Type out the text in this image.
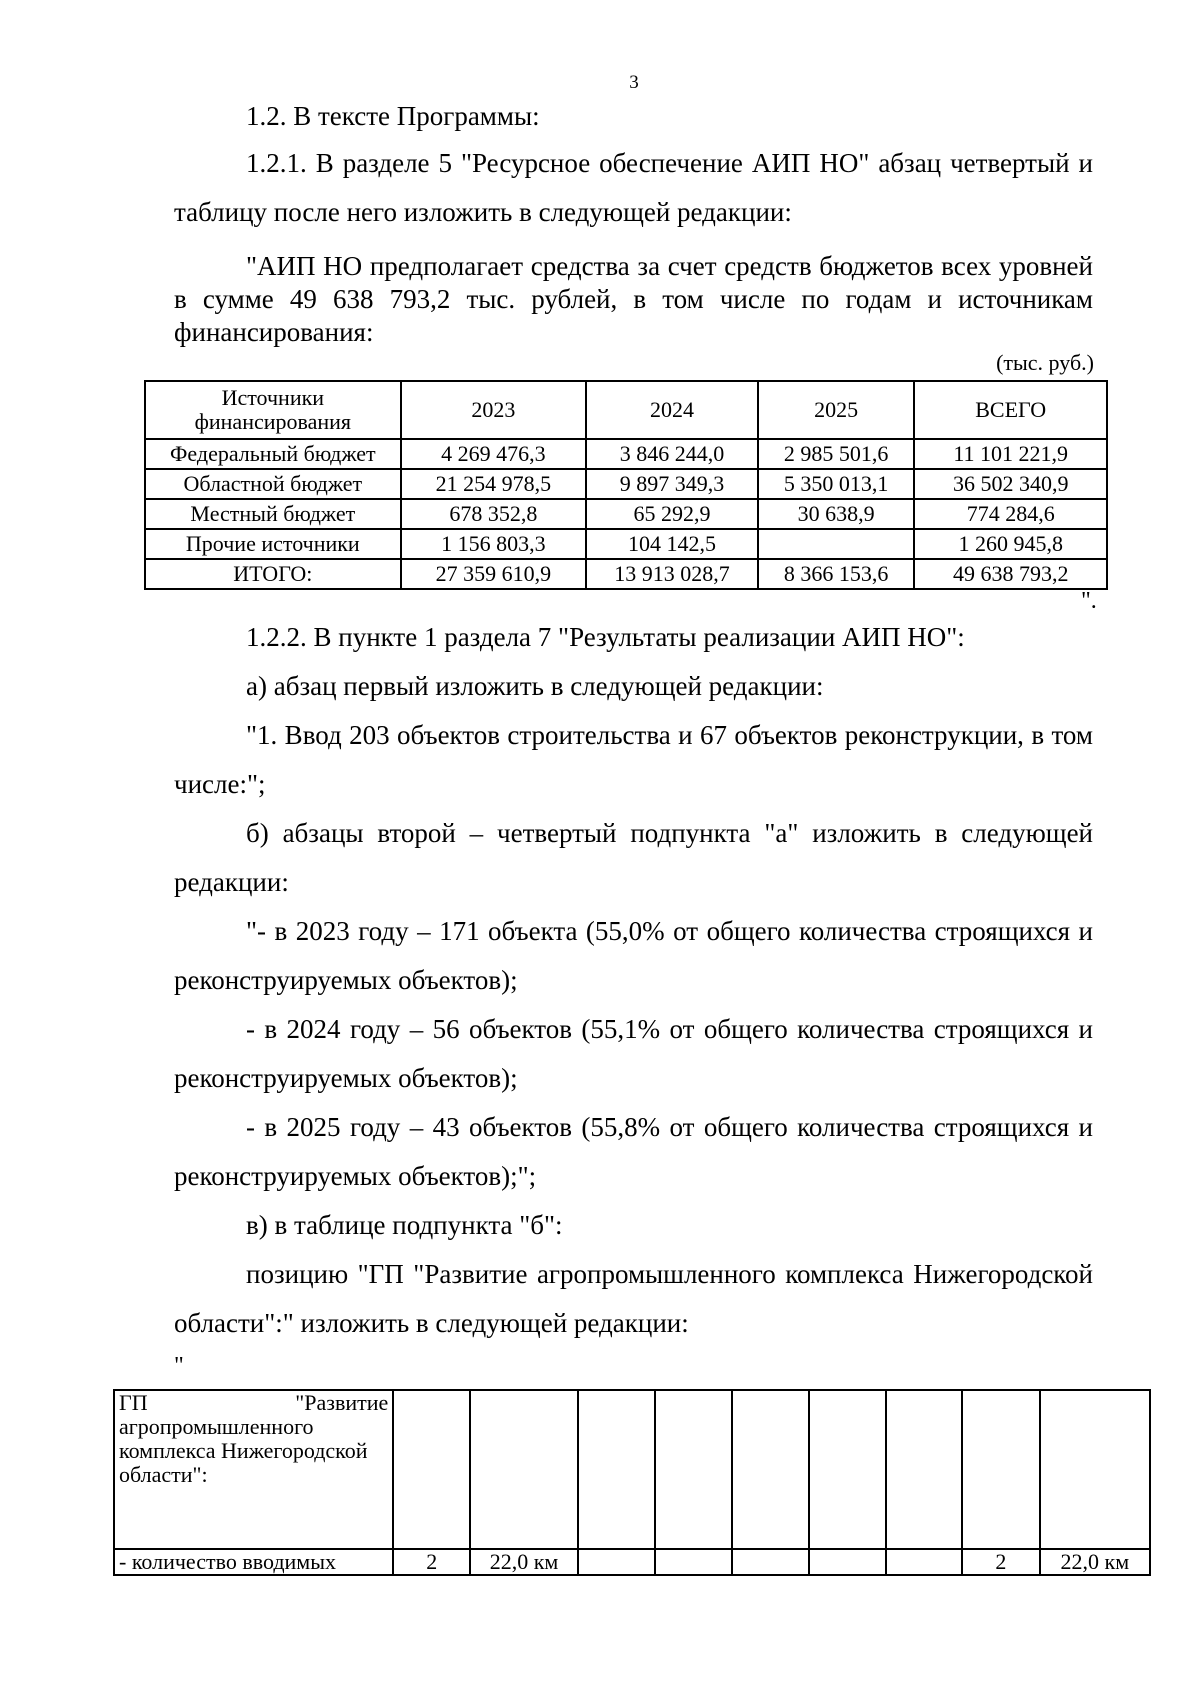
3

1.2. В тексте Программы:

1.2.1. В разделе 5 "Ресурсное обеспечение АИП НО" абзац четвертый и таблицу после него изложить в следующей редакции:

"АИП НО предполагает средства за счет средств бюджетов всех уровней в сумме 49 638 793,2 тыс. рублей, в том числе по годам и источникам финансирования:

(тыс. руб.)
Источники финансирования	2023	2024	2025	ВСЕГО
Федеральный бюджет	4 269 476,3	3 846 244,0	2 985 501,6	11 101 221,9
Областной бюджет	21 254 978,5	9 897 349,3	5 350 013,1	36 502 340,9
Местный бюджет	678 352,8	65 292,9	30 638,9	774 284,6
Прочие источники	1 156 803,3	104 142,5		1 260 945,8
ИТОГО:	27 359 610,9	13 913 028,7	8 366 153,6	49 638 793,2
".

1.2.2. В пункте 1 раздела 7 "Результаты реализации АИП НО":

а) абзац первый изложить в следующей редакции:

"1. Ввод 203 объектов строительства и 67 объектов реконструкции, в том числе:";

б) абзацы второй – четвертый подпункта "а" изложить в следующей редакции:

"- в 2023 году – 171 объекта (55,0% от общего количества строящихся и реконструируемых объектов);

- в 2024 году – 56 объектов (55,1% от общего количества строящихся и реконструируемых объектов);

- в 2025 году – 43 объектов (55,8% от общего количества строящихся и реконструируемых объектов);";

в) в таблице подпункта "б":

позицию "ГП "Развитие агропромышленного комплекса Нижегородской области":" изложить в следующей редакции:

"
ГП "Развитие
агропромышленного комплекса Нижегородской области":									
- количество вводимых	2	22,0 км						2	22,0 км
